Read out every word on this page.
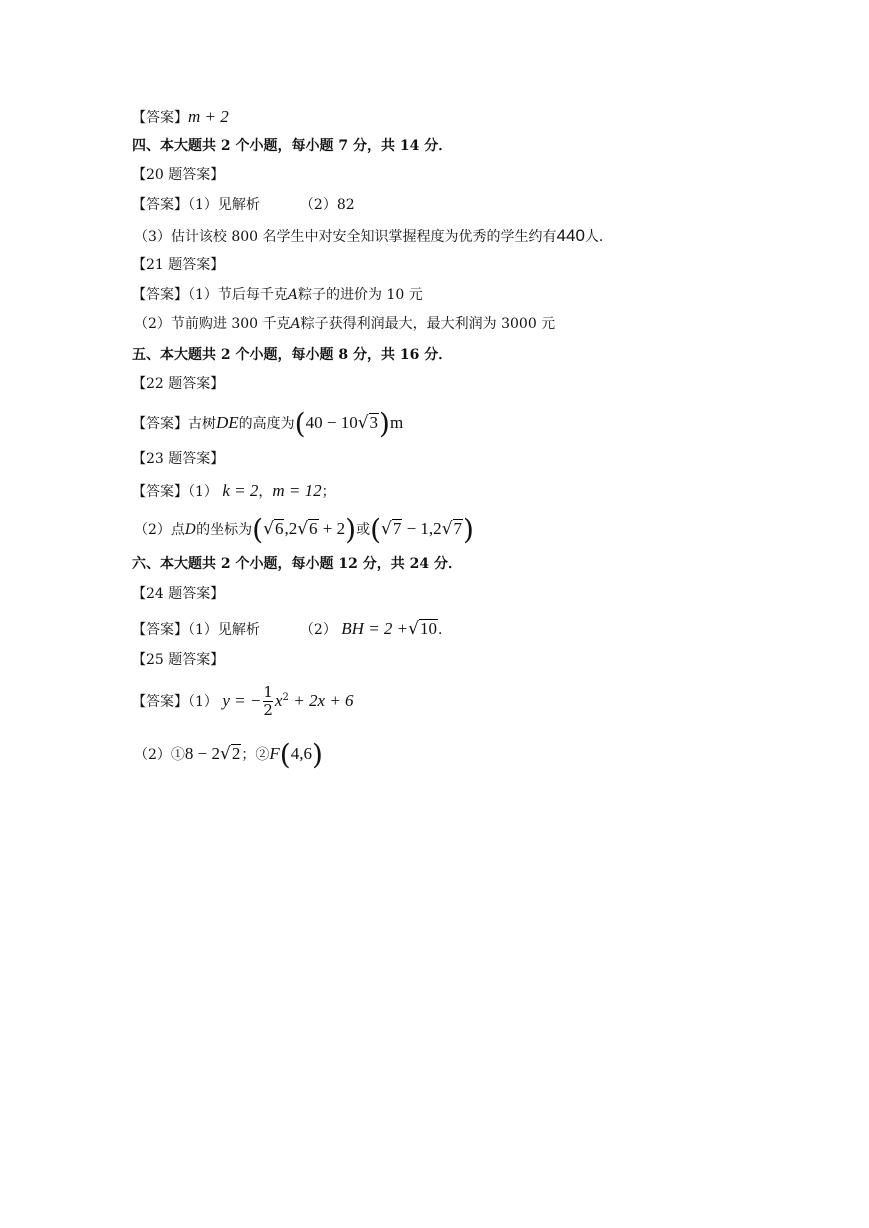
【答案】m + 2
四、本大题共 2 个小题，每小题 7 分，共 14 分．
【20 题答案】
【答案】（1）见解析	（2）82
（3）估计该校 800 名学生中对安全知识掌握程度为优秀的学生约有440人．
【21 题答案】
【答案】（1）节后每千克A粽子的进价为 10 元
（2）节前购进 300 千克A粽子获得利润最大，最大利润为 3000 元
五、本大题共 2 个小题，每小题 8 分，共 16 分．
【22 题答案】
【答案】古树DE的高度为(40 − 10√3)m
【23 题答案】
【答案】（1） k = 2，m = 12；
（2）点D的坐标为(√6,2√6 + 2)或(√7 − 1,2√7)
六、本大题共 2 个小题，每小题 12 分，共 24 分．
【24 题答案】
【答案】（1）见解析	（2） BH = 2 +√10．
【25 题答案】
【答案】（1） y = − $\frac{1}{2} x^2 + 2x + 6$
（2）①8 − 2√2；②F(4,6)
